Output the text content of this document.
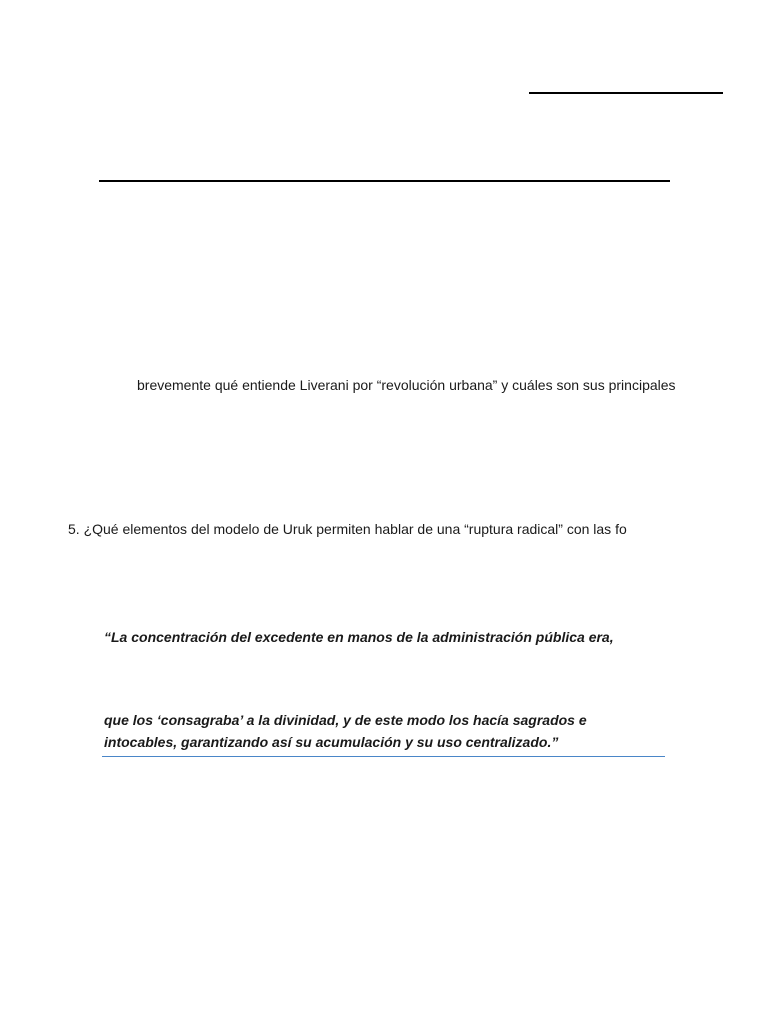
brevemente qué entiende Liverani por “revolución urbana” y cuáles son sus principales
5. ¿Qué elementos del modelo de Uruk permiten hablar de una “ruptura radical” con las fo
“La concentración del excedente en manos de la administración pública era,
que los ‘consagraba’ a la divinidad, y de este modo los hacía sagrados e
intocables, garantizando así su acumulación y su uso centralizado.”
